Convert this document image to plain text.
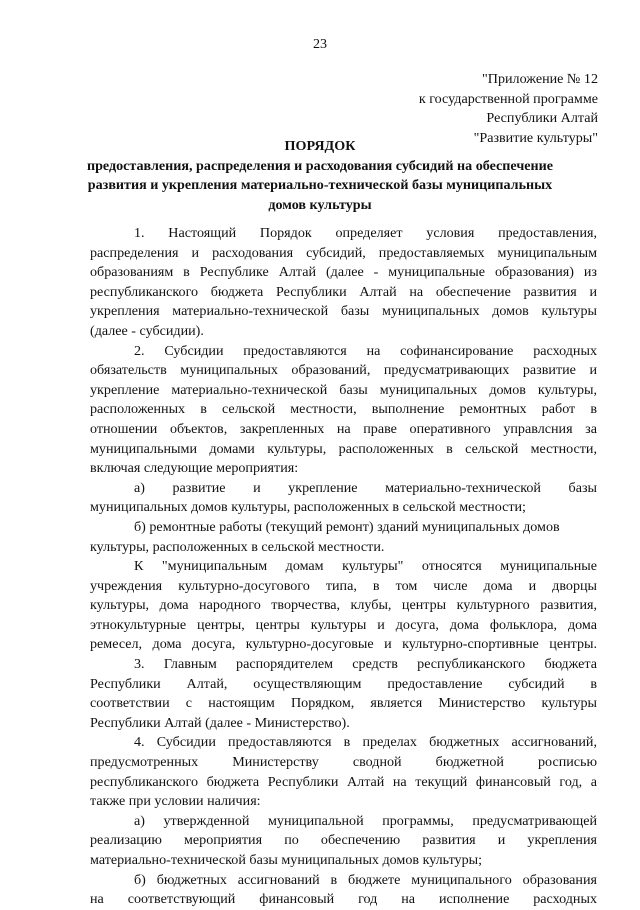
23
"Приложение № 12
к государственной программе
Республики Алтай
"Развитие культуры"
ПОРЯДОК
предоставления, распределения и расходования субсидий на обеспечение
развития и укрепления материально-технической базы муниципальных
домов культуры
1. Настоящий Порядок определяет условия предоставления,
распределения и расходования субсидий, предоставляемых муниципальным
образованиям в Республике Алтай (далее - муниципальные образования) из
республиканского бюджета Республики Алтай на обеспечение развития и
укрепления материально-технической базы муниципальных домов культуры
(далее - субсидии).
2. Субсидии предоставляются на софинансирование расходных
обязательств муниципальных образований, предусматривающих развитие и
укрепление материально-технической базы муниципальных домов культуры,
расположенных в сельской местности, выполнение ремонтных работ в
отношении объектов, закрепленных на праве оперативного управлсния за
муниципальными домами культуры, расположенных в сельской местности,
включая следующие мероприятия:
а) развитие и укрепление материально-технической базы
муниципальных домов культуры, расположенных в сельской местности;
б) ремонтные работы (текущий ремонт) зданий муниципальных домов
культуры, расположенных в сельской местности.
К "муниципальным домам культуры" относятся муниципальные
учреждения культурно-досугового типа, в том числе дома и дворцы
культуры, дома народного творчества, клубы, центры культурного развития,
этнокультурные центры, центры культуры и досуга, дома фольклора, дома
ремесел, дома досуга, культурно-досуговые и культурно-спортивные центры.
3. Главным распорядителем средств республиканского бюджета
Республики Алтай, осуществляющим предоставление субсидий в
соответствии с настоящим Порядком, является Министерство культуры
Республики Алтай (далее - Министерство).
4. Субсидии предоставляются в пределах бюджетных ассигнований,
предусмотренных Министерству сводной бюджетной росписью
республиканского бюджета Республики Алтай на текущий финансовый год, а
также при условии наличия:
а) утвержденной муниципальной программы, предусматривающей
реализацию мероприятия по обеспечению развития и укрепления
материально-технической базы муниципальных домов культуры;
б) бюджетных ассигнований в бюджете муниципального образования
на соответствующий финансовый год на исполнение расходных
